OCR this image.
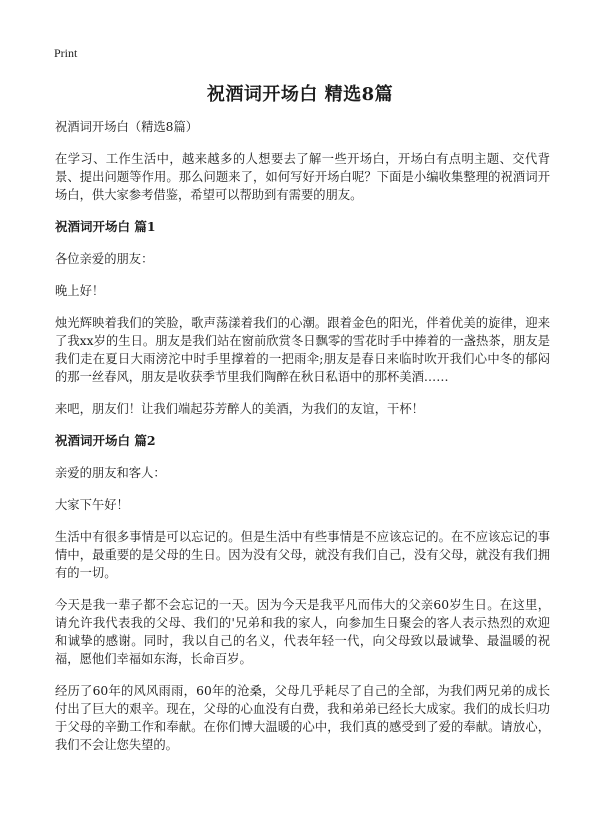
Print
祝酒词开场白 精选8篇

祝酒词开场白（精选8篇）

在学习、工作生活中，越来越多的人想要去了解一些开场白，开场白有点明主题、交代背景、提出问题等作用。那么问题来了，如何写好开场白呢？下面是小编收集整理的祝酒词开场白，供大家参考借鉴，希望可以帮助到有需要的朋友。

祝酒词开场白 篇1

各位亲爱的朋友：

晚上好！

烛光辉映着我们的笑脸，歌声荡漾着我们的心潮。跟着金色的阳光，伴着优美的旋律，迎来了我xx岁的生日。朋友是我们站在窗前欣赏冬日飘零的雪花时手中捧着的一盏热茶，朋友是我们走在夏日大雨滂沱中时手里撑着的一把雨伞;朋友是春日来临时吹开我们心中冬的郁闷的那一丝春风，朋友是收获季节里我们陶醉在秋日私语中的那杯美酒……

来吧，朋友们！让我们端起芬芳醉人的美酒，为我们的友谊，干杯！

祝酒词开场白 篇2

亲爱的朋友和客人：

大家下午好！

生活中有很多事情是可以忘记的。但是生活中有些事情是不应该忘记的。在不应该忘记的事情中，最重要的是父母的生日。因为没有父母，就没有我们自己，没有父母，就没有我们拥有的一切。

今天是我一辈子都不会忘记的一天。因为今天是我平凡而伟大的父亲60岁生日。在这里，请允许我代表我的父母、我们的'兄弟和我的家人，向参加生日聚会的客人表示热烈的欢迎和诚挚的感谢。同时，我以自己的名义，代表年轻一代，向父母致以最诚挚、最温暖的祝福，愿他们幸福如东海，长命百岁。

经历了60年的风风雨雨，60年的沧桑，父母几乎耗尽了自己的全部，为我们两兄弟的成长付出了巨大的艰辛。现在，父母的心血没有白费，我和弟弟已经长大成家。我们的成长归功于父母的辛勤工作和奉献。在你们博大温暖的心中，我们真的感受到了爱的奉献。请放心，我们不会让您失望的。
